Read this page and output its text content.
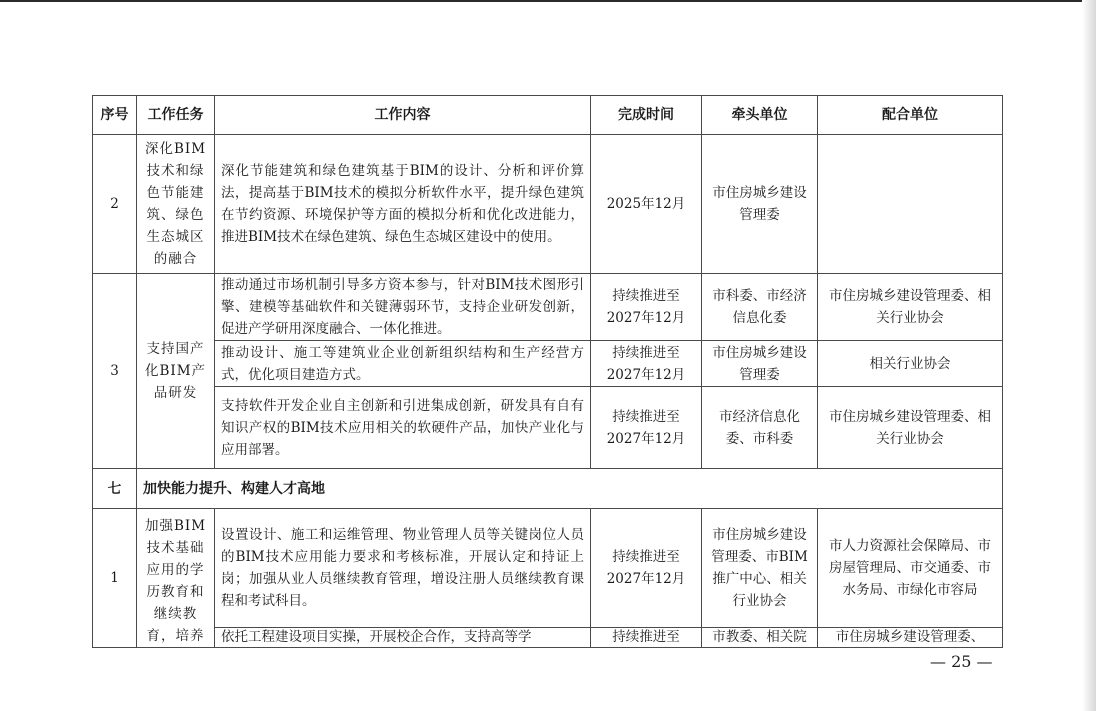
序号	工作任务	工作内容	完成时间	牵头单位	配合单位
2	深化BIM技术和绿色节能建筑、绿色生态城区的融合	深化节能建筑和绿色建筑基于BIM的设计、分析和评价算法，提高基于BIM技术的模拟分析软件水平，提升绿色建筑在节约资源、环境保护等方面的模拟分析和优化改进能力，推进BIM技术在绿色建筑、绿色生态城区建设中的使用。	2025年12月	市住房城乡建设管理委	
3	支持国产化BIM产品研发	推动通过市场机制引导多方资本参与，针对BIM技术图形引擎、建模等基础软件和关键薄弱环节，支持企业研发创新，促进产学研用深度融合、一体化推进。	持续推进至2027年12月	市科委、市经济信息化委	市住房城乡建设管理委、相关行业协会
		推动设计、施工等建筑业企业创新组织结构和生产经营方式，优化项目建造方式。	持续推进至2027年12月	市住房城乡建设管理委	相关行业协会
		支持软件开发企业自主创新和引进集成创新，研发具有自有知识产权的BIM技术应用相关的软硬件产品，加快产业化与应用部署。	持续推进至2027年12月	市经济信息化委、市科委	市住房城乡建设管理委、相关行业协会
七	加快能力提升、构建人才高地				
1	加强BIM技术基础应用的学历教育和继续教育，培养	设置设计、施工和运维管理、物业管理人员等关键岗位人员的BIM技术应用能力要求和考核标准，开展认定和持证上岗；加强从业人员继续教育管理，增设注册人员继续教育课程和考试科目。	持续推进至2027年12月	市住房城乡建设管理委、市BIM推广中心、相关行业协会	市人力资源社会保障局、市房屋管理局、市交通委、市水务局、市绿化市容局
		依托工程建设项目实操，开展校企合作，支持高等学	持续推进至	市教委、相关院	市住房城乡建设管理委、
— 25 —
